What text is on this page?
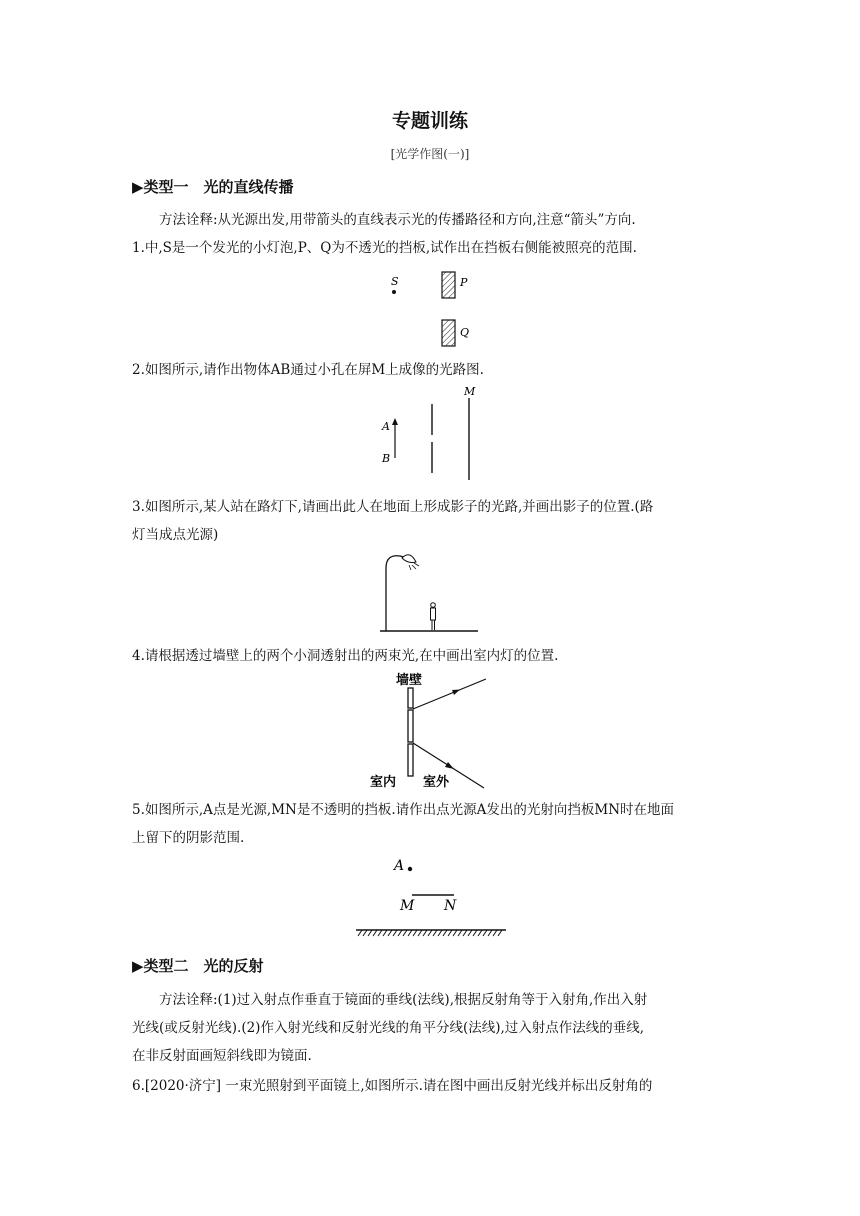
专题训练
[光学作图(一)]
▶类型一　光的直线传播
方法诠释:从光源出发,用带箭头的直线表示光的传播路径和方向,注意“箭头”方向.
1.中,S是一个发光的小灯泡,P、Q为不透光的挡板,试作出在挡板右侧能被照亮的范围.
S	P
Q
2.如图所示,请作出物体AB通过小孔在屏M上成像的光路图.
A
B
M
3.如图所示,某人站在路灯下,请画出此人在地面上形成影子的光路,并画出影子的位置.(路
灯当成点光源)
4.请根据透过墙壁上的两个小洞透射出的两束光,在中画出室内灯的位置.
墙壁
室内 室外
5.如图所示,A点是光源,MN是不透明的挡板.请作出点光源A发出的光射向挡板MN时在地面
上留下的阴影范围.
A
M N
▶类型二　光的反射
方法诠释:(1)过入射点作垂直于镜面的垂线(法线),根据反射角等于入射角,作出入射
光线(或反射光线).(2)作入射光线和反射光线的角平分线(法线),过入射点作法线的垂线,
在非反射面画短斜线即为镜面.
6.[2020·济宁] 一束光照射到平面镜上,如图所示.请在图中画出反射光线并标出反射角的
